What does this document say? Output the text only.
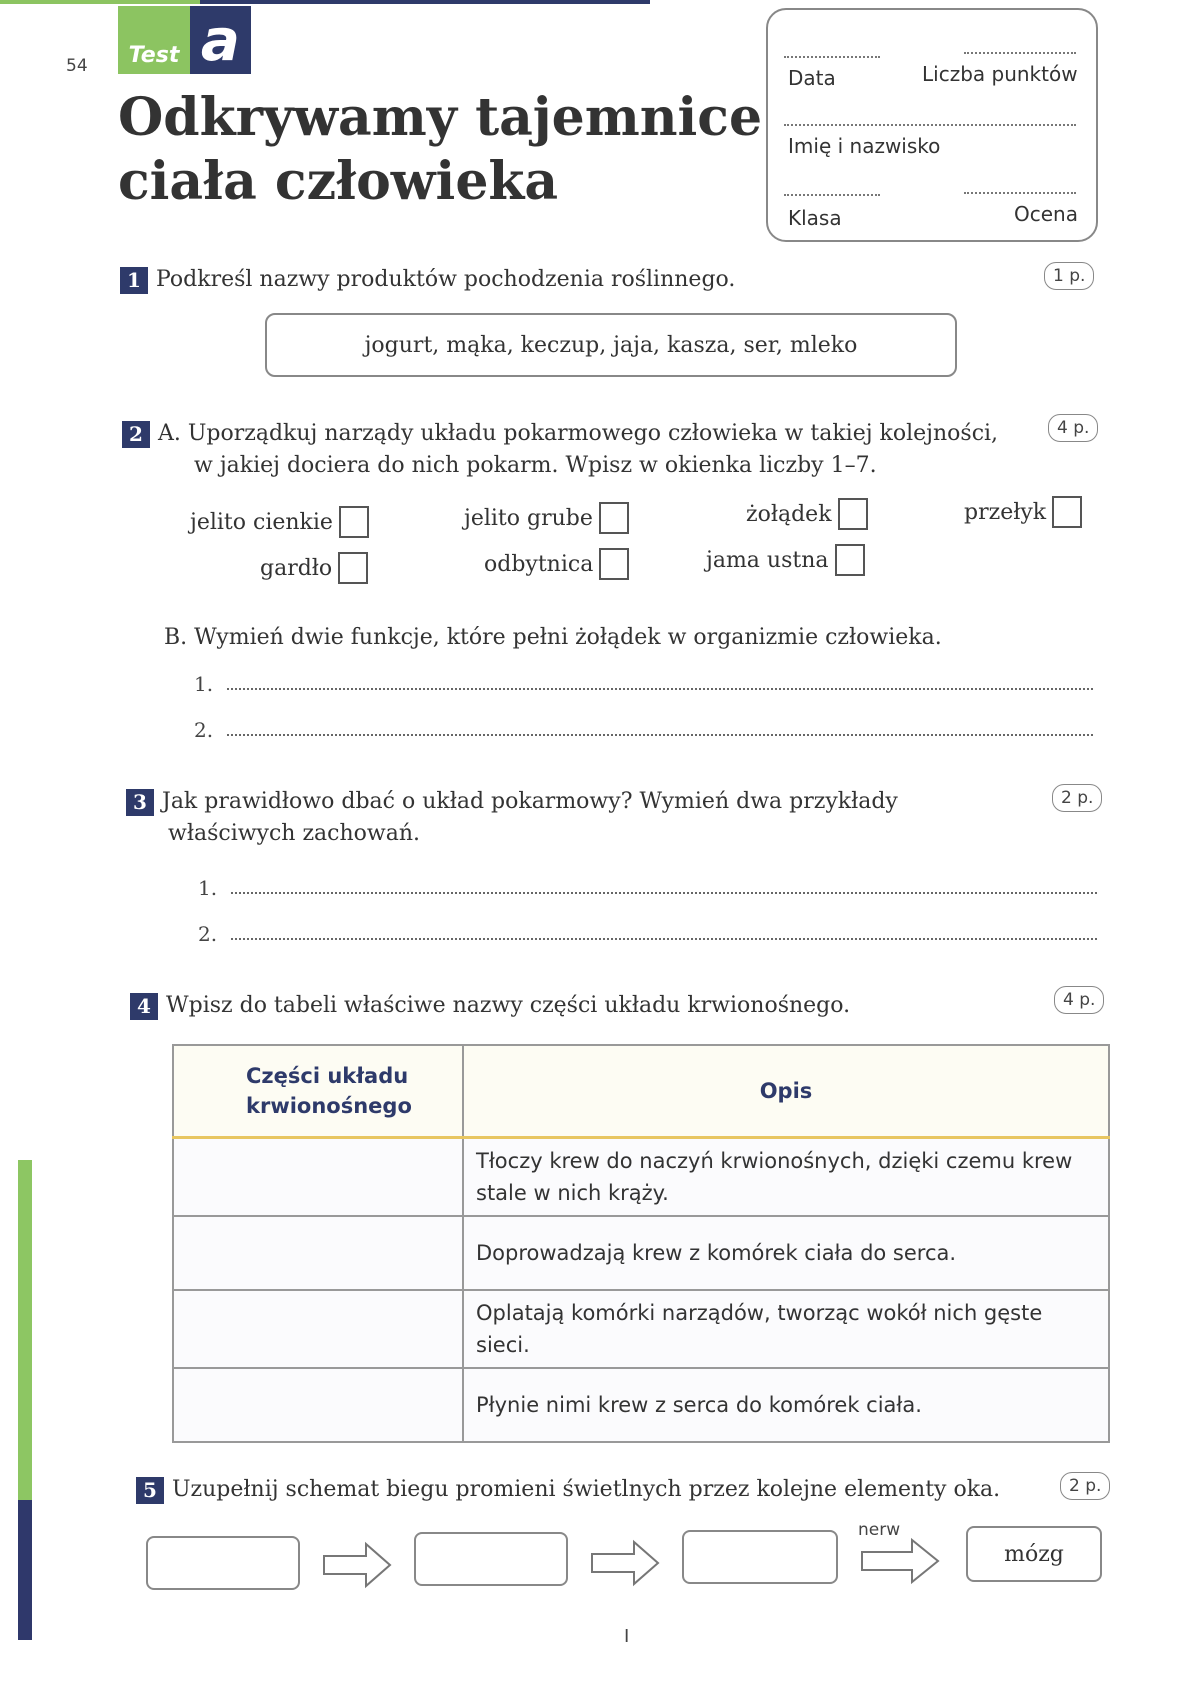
54	Test a
Odkrywamy tajemnice
ciała człowieka
Data	Liczba punktów
Imię i nazwisko
Klasa	Ocena
1 Podkreśl nazwy produktów pochodzenia roślinnego.	1 p.
jogurt, mąka, keczup, jaja, kasza, ser, mleko
2 A. Uporządkuj narządy układu pokarmowego człowieka w takiej kolejności,
w jakiej dociera do nich pokarm. Wpisz w okienka liczby 1–7.
4 p.
jelito cienkie	jelito grube	żołądek	przełyk
gardło	odbytnica	jama ustna
B. Wymień dwie funkcje, które pełni żołądek w organizmie człowieka.
1.
2.
3 Jak prawidłowo dbać o układ pokarmowy? Wymień dwa przykłady
właściwych zachowań.
2 p.
1.
2.
4 Wpisz do tabeli właściwe nazwy części układu krwionośnego.	4 p.
Części układu krwionośnego	Opis
	Tłoczy krew do naczyń krwionośnych, dzięki czemu krew stale w nich krąży.
	Doprowadzają krew z komórek ciała do serca.
	Oplatają komórki narządów, tworząc wokół nich gęste sieci.
	Płynie nimi krew z serca do komórek ciała.
5 Uzupełnij schemat biegu promieni świetlnych przez kolejne elementy oka.	2 p.
nerw
mózg
I
